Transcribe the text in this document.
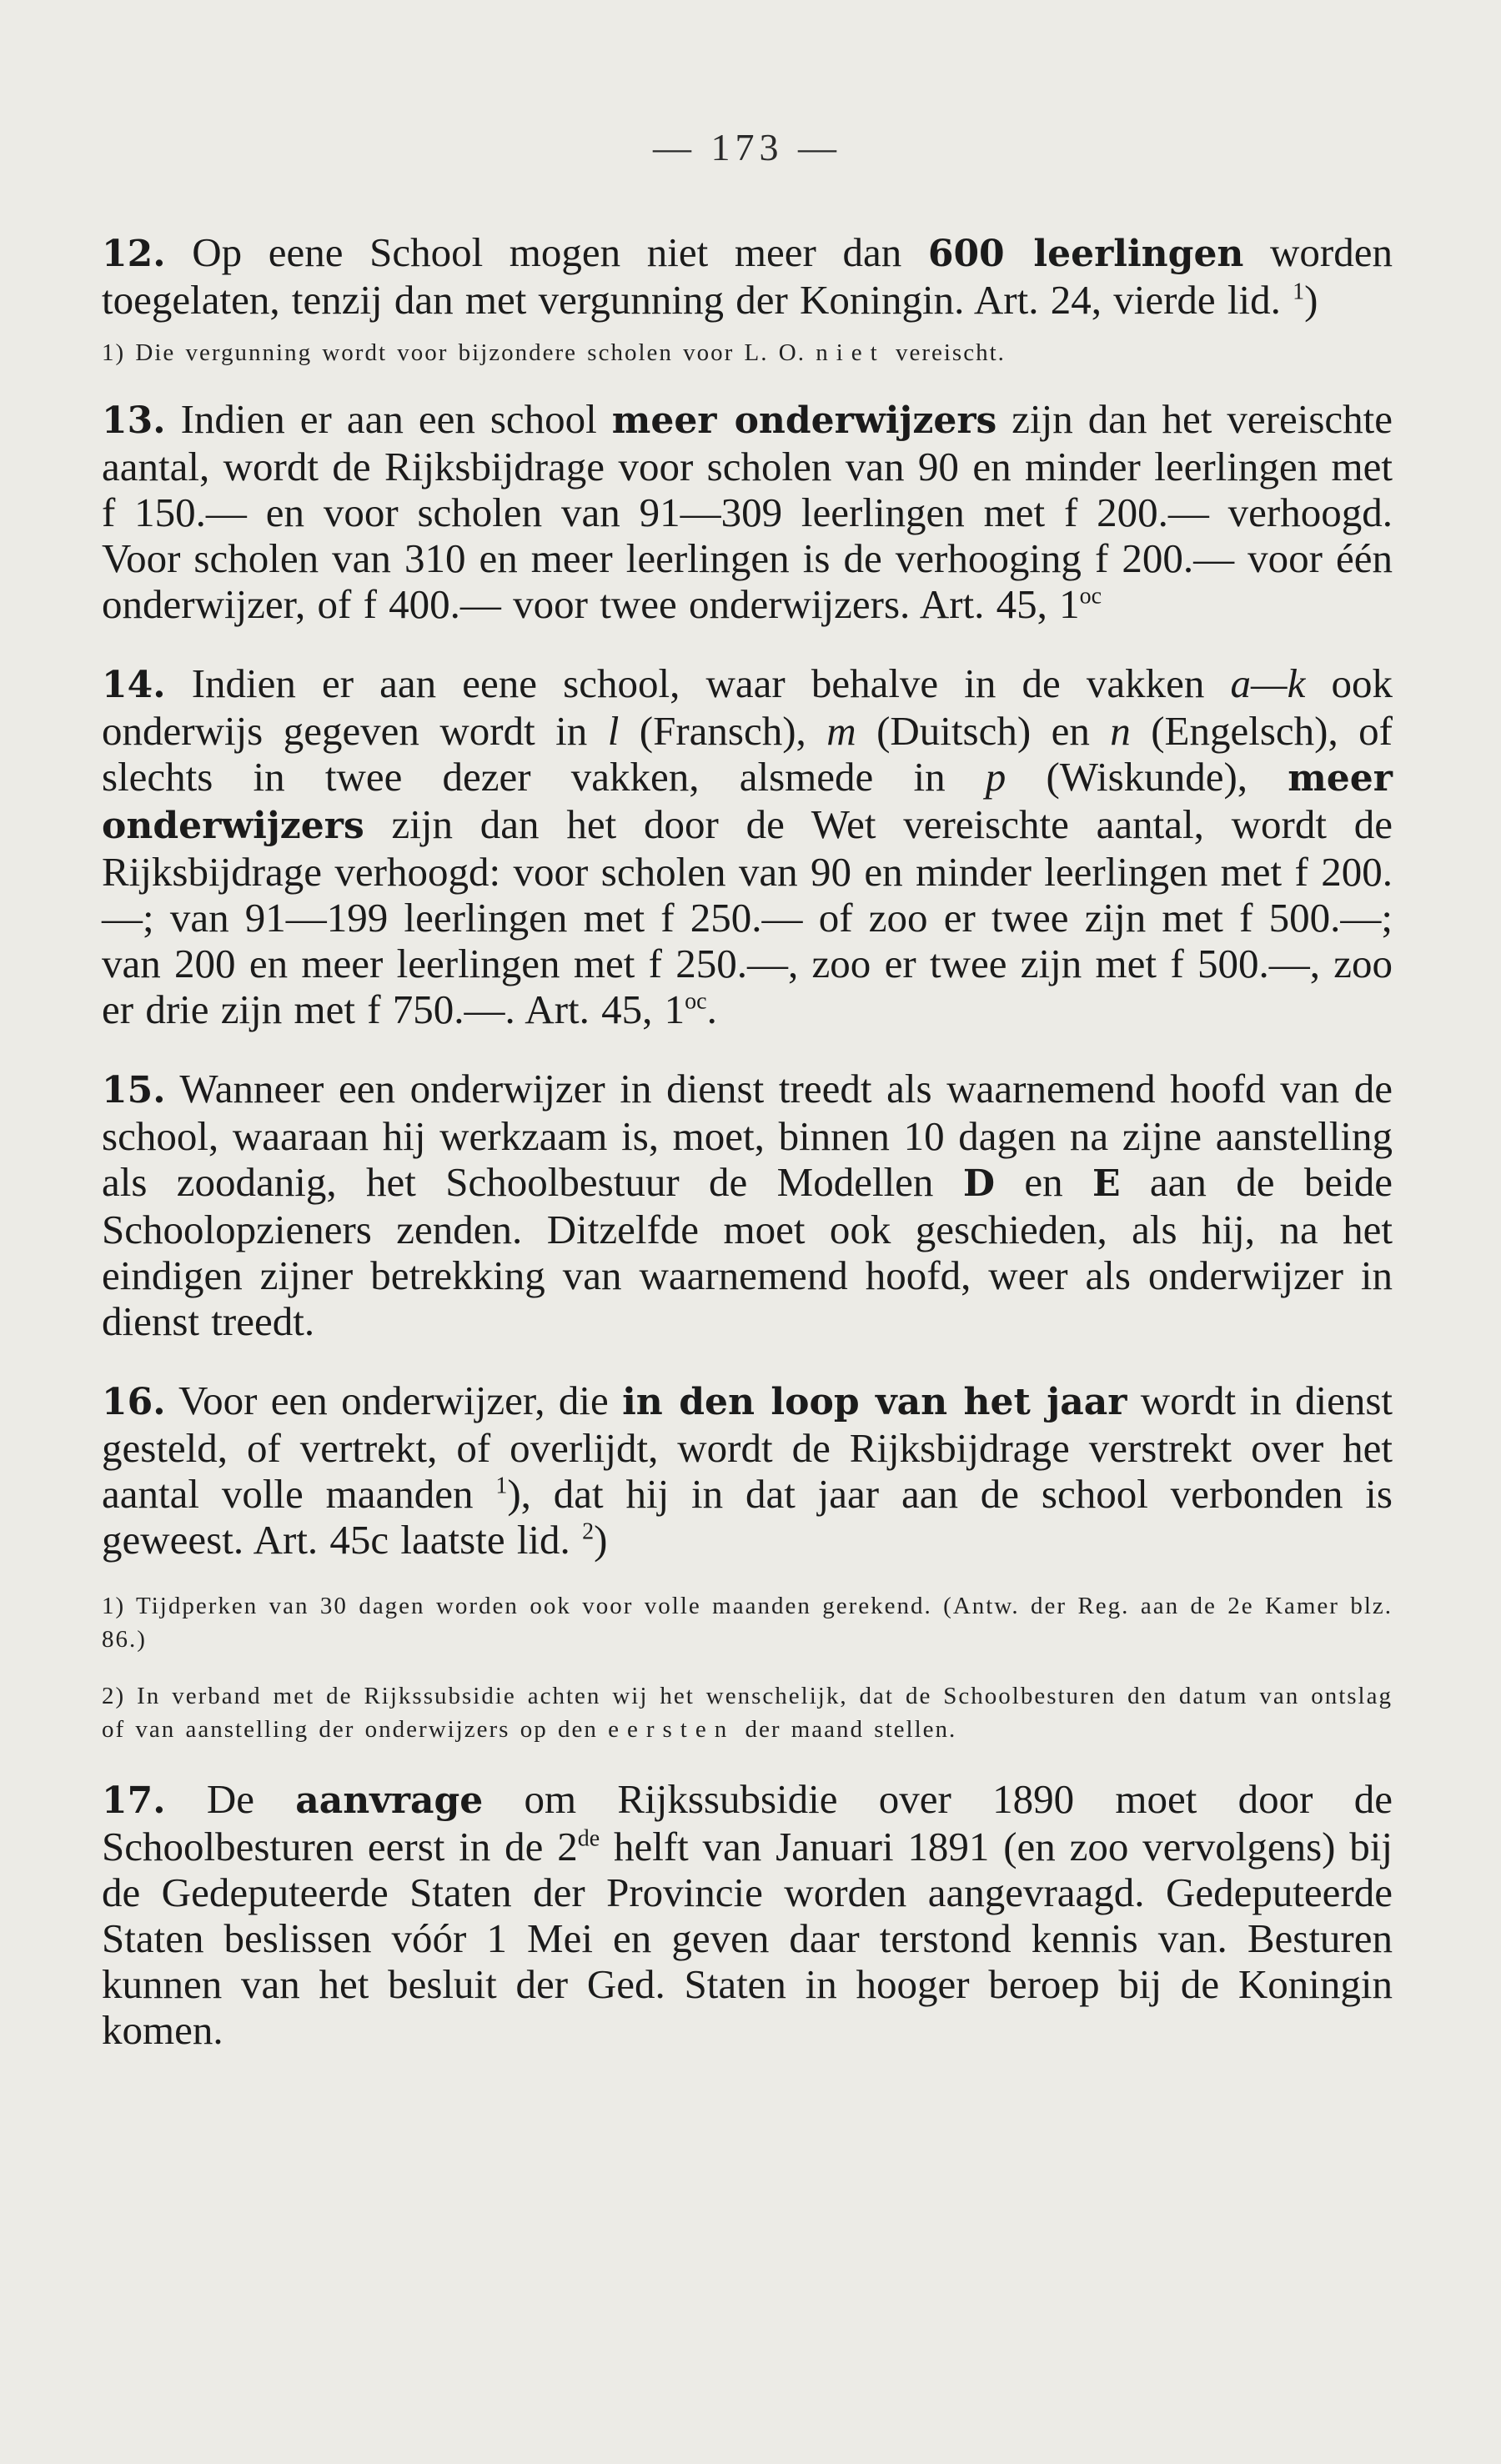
— 173 —

12. Op eene School mogen niet meer dan 600 leerlingen worden toegelaten, tenzij dan met vergunning der Koningin. Art. 24, vierde lid. $^1$)

1) Die vergunning wordt voor bijzondere scholen voor L. O. niet vereischt.

13. Indien er aan een school meer onderwijzers zijn dan het vereischte aantal, wordt de Rijksbijdrage voor scholen van 90 en minder leerlingen met f 150.— en voor scholen van 91—309 leerlingen met f 200.— verhoogd. Voor scholen van 310 en meer leerlingen is de verhooging f 200.— voor één onderwijzer, of f 400.— voor twee onderwijzers. Art. 45, $1^{oc}$

14. Indien er aan eene school, waar behalve in de vakken a—k ook onderwijs gegeven wordt in l (Fransch), m (Duitsch) en n (Engelsch), of slechts in twee dezer vakken, alsmede in p (Wiskunde), meer onderwijzers zijn dan het door de Wet vereischte aantal, wordt de Rijksbijdrage verhoogd: voor scholen van 90 en minder leerlingen met f 200.—; van 91—199 leerlingen met f 250.— of zoo er twee zijn met f 500.—; van 200 en meer leerlingen met f 250.—, zoo er twee zijn met f 500.—, zoo er drie zijn met f 750.—. Art. 45, $1^{oc}$.

15. Wanneer een onderwijzer in dienst treedt als waarnemend hoofd van de school, waaraan hij werkzaam is, moet, binnen 10 dagen na zijne aanstelling als zoodanig, het Schoolbestuur de Modellen D en E aan de beide Schoolopzieners zenden. Ditzelfde moet ook geschieden, als hij, na het eindigen zijner betrekking van waarnemend hoofd, weer als onderwijzer in dienst treedt.

16. Voor een onderwijzer, die in den loop van het jaar wordt in dienst gesteld, of vertrekt, of overlijdt, wordt de Rijksbijdrage verstrekt over het aantal volle maanden $^1$), dat hij in dat jaar aan de school verbonden is geweest. Art. 45c laatste lid. $^2$)

1) Tijdperken van 30 dagen worden ook voor volle maanden gerekend. (Antw. der Reg. aan de 2e Kamer blz. 86.)

2) In verband met de Rijkssubsidie achten wij het wenschelijk, dat de Schoolbesturen den datum van ontslag of van aanstelling der onderwijzers op den eersten der maand stellen.

17. De aanvrage om Rijkssubsidie over 1890 moet door de Schoolbesturen eerst in de 2de helft van Januari 1891 (en zoo vervolgens) bij de Gedeputeerde Staten der Provincie worden aangevraagd. Gedeputeerde Staten beslissen vóór 1 Mei en geven daar terstond kennis van. Besturen kunnen van het besluit der Ged. Staten in hooger beroep bij de Koningin komen.
